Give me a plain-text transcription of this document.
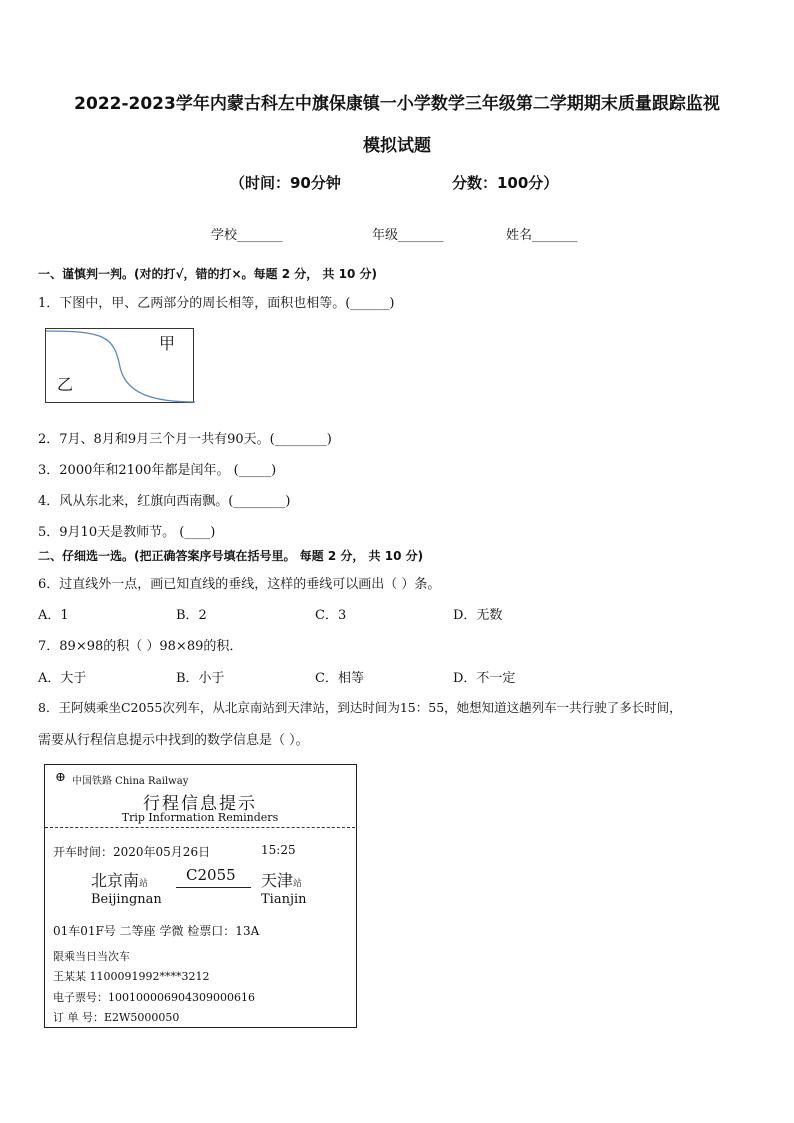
2022-2023学年内蒙古科左中旗保康镇一小学数学三年级第二学期期末质量跟踪监视
模拟试题
（时间：90分钟	分数：100分）
学校_______	年级_______	姓名_______
一、谨慎判一判。(对的打√，错的打×。每题 2 分， 共 10 分)
1．下图中，甲、乙两部分的周长相等，面积也相等。(______)
甲
乙
2．7月、8月和9月三个月一共有90天。(________)
3．2000年和2100年都是闰年。 (_____)
4．风从东北来，红旗向西南飘。(________)
5．9月10天是教师节。 (____)
二、仔细选一选。(把正确答案序号填在括号里。 每题 2 分， 共 10 分)
6．过直线外一点，画已知直线的垂线，这样的垂线可以画出（ ）条。
A．1	B．2	C．3	D．无数
7．89×98的积（ ）98×89的积．
A．大于	B．小于	C．相等	D．不一定
8．王阿姨乘坐C2055次列车，从北京南站到天津站，到达时间为15：55，她想知道这趟列车一共行驶了多长时间，
需要从行程信息提示中找到的数学信息是（ ）。
⊕ 中国铁路 China Railway
行程信息提示
Trip Information Reminders
开车时间：2020年05月26日	15:25
北京南站	C2055 天津站
Beijingnan	Tianjin
01车01F号 二等座 学微 检票口：13A
限乘当日当次车
王某某 1100091992****3212
电子票号：100100006904309000616
订 单 号：E2W5000050
